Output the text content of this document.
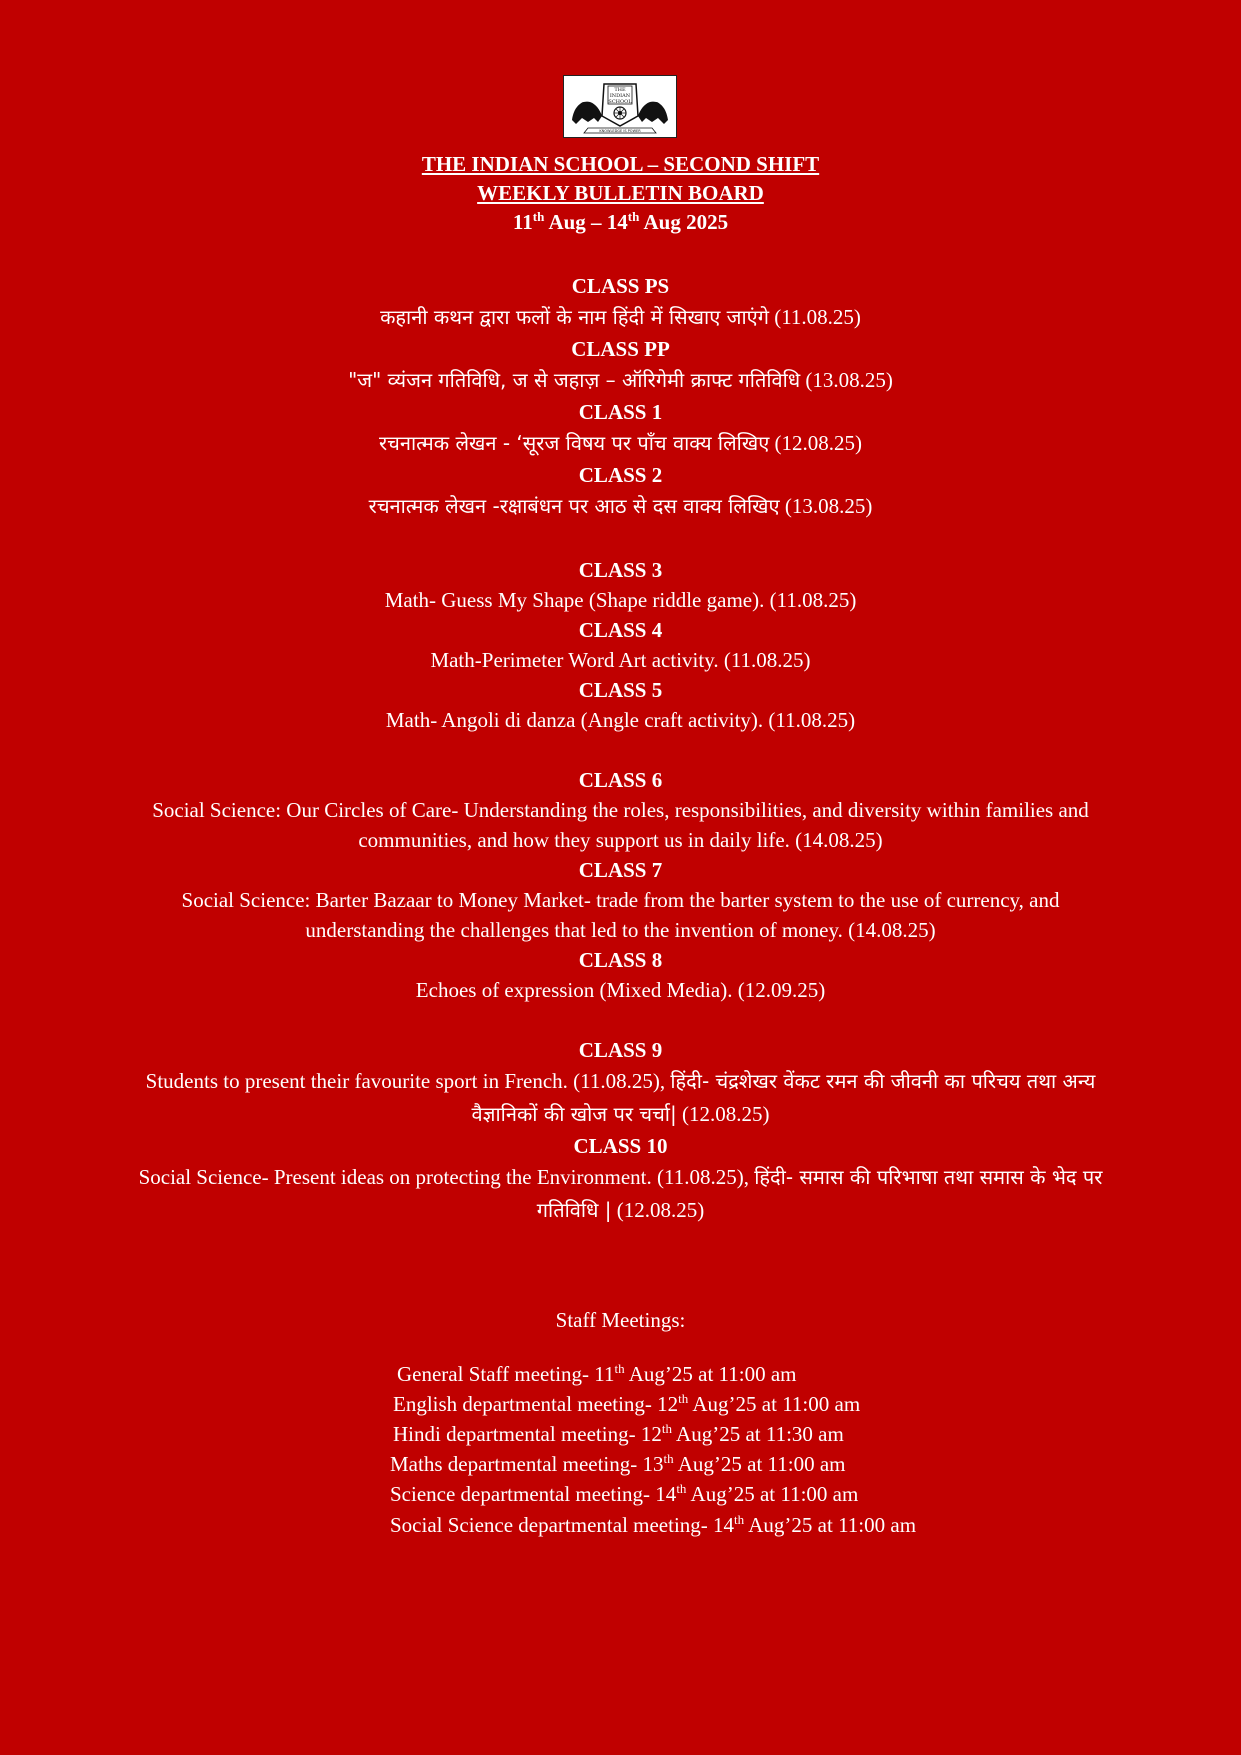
THE
INDIAN
SCHOOL
KNOWLEDGE IS POWER
THE INDIAN SCHOOL – SECOND SHIFT
WEEKLY BULLETIN BOARD
11th Aug – 14th Aug 2025
CLASS PS
कहानी कथन द्वारा फलों के नाम हिंदी में सिखाए जाएंगे (11.08.25)
CLASS PP
"ज" व्यंजन गतिविधि, ज से जहाज़ – ऑरिगेमी क्राफ्ट गतिविधि (13.08.25)
CLASS 1
रचनात्मक लेखन - ‘सूरज विषय पर पाँच वाक्य लिखिए (12.08.25)
CLASS 2
रचनात्मक लेखन -रक्षाबंधन पर आठ से दस वाक्य लिखिए (13.08.25)
CLASS 3
Math- Guess My Shape (Shape riddle game). (11.08.25)
CLASS 4
Math-Perimeter Word Art activity. (11.08.25)
CLASS 5
Math- Angoli di danza (Angle craft activity). (11.08.25)
CLASS 6
Social Science: Our Circles of Care- Understanding the roles, responsibilities, and diversity within families and communities, and how they support us in daily life. (14.08.25)
CLASS 7
Social Science: Barter Bazaar to Money Market- trade from the barter system to the use of currency, and understanding the challenges that led to the invention of money. (14.08.25)
CLASS 8
Echoes of expression (Mixed Media). (12.09.25)
CLASS 9
Students to present their favourite sport in French. (11.08.25), हिंदी- चंद्रशेखर वेंकट रमन की जीवनी का परिचय तथा अन्य वैज्ञानिकों की खोज पर चर्चा| (12.08.25)
CLASS 10
Social Science- Present ideas on protecting the Environment. (11.08.25), हिंदी- समास की परिभाषा तथा समास के भेद पर गतिविधि | (12.08.25)
Staff Meetings:
General Staff meeting- 11th Aug’25 at 11:00 am
English departmental meeting- 12th Aug’25 at 11:00 am
Hindi departmental meeting- 12th Aug’25 at 11:30 am
Maths departmental meeting- 13th Aug’25 at 11:00 am
Science departmental meeting- 14th Aug’25 at 11:00 am
Social Science departmental meeting- 14th Aug’25 at 11:00 am
